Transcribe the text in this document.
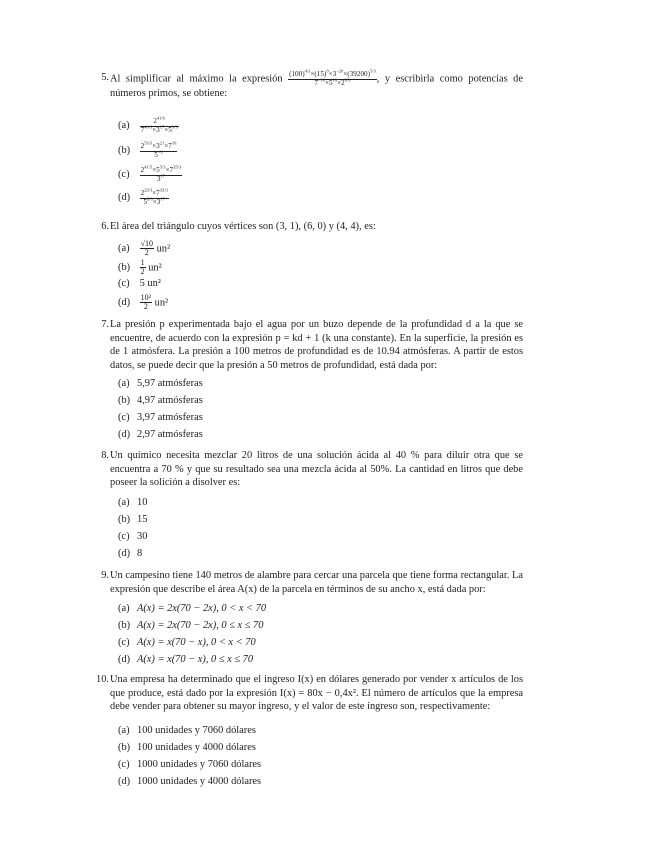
5. Al simplificar al máximo la expresión $\frac{(100)^{4/3}\times(15)^9\times 3^{-20}\times(39200)^{5/3}}{7^{-10}\times 5^{10}\times 2^{8/3}}$ , y escribirla como potencias de números primos, se obtiene:
$(a) \frac{2^{41/6}}{7^{40/3}\times 3^{17}\times 5^{3/3}}$
$(b) \frac{2^{53/3}\times 3^{21}\times 7^{10}}{5^{-3}}$
$(c) \frac{2^{41/5}\times 5^{5/3}\times 7^{35/3}}{3^{17}}$
$(d) \frac{2^{23/3}\times 7^{33/3}}{5^{3/3}\times 3^{17}}$
6. El área del triángulo cuyos vértices son (3, 1), (6, 0) y (4, 4), es:
$(a) \frac{√10}{2} un^2$
$(b) \frac{1}{2} un^2$
(c) 5 un²
$(d) \frac{\text{10²}}{2} un^2$
7. La presión p experimentada bajo el agua por un buzo depende de la profundidad d a la que se encuentre, de acuerdo con la expresión p = kd + 1 (k una constante). En la superficie, la presión es de 1 atmósfera. La presión a 100 metros de profundidad es de 10.94 atmósferas. A partir de estos datos, se puede decir que la presión a 50 metros de profundidad, está dada por:
(a) 5,97 atmósferas
(b) 4,97 atmósferas
(c) 3,97 atmósferas
(d) 2,97 atmósferas
8. Un químico necesita mezclar 20 litros de una solución ácida al 40 % para diluir otra que se encuentra a 70 % y que su resultado sea una mezcla ácida al 50%. La cantidad en litros que debe poseer la solición a disolver es:
(a) 10
(b) 15
(c) 30
(d) 8
9. Un campesino tiene 140 metros de alambre para cercar una parcela que tiene forma rectangular. La expresión que describe el área A(x) de la parcela en términos de su ancho x, está dada por:
(a) A(x) = 2x(70 − 2x), 0 < x < 70
(b) A(x) = 2x(70 − 2x), 0 ≤ x ≤ 70
(c) A(x) = x(70 − x), 0 < x < 70
(d) A(x) = x(70 − x), 0 ≤ x ≤ 70
10. Una empresa ha determinado que el ingreso I(x) en dólares generado por vender x artículos de los que produce, está dado por la expresión I(x) = 80x − 0,4x². El número de artículos que la empresa debe vender para obtener su mayor ingreso, y el valor de este ingreso son, respectivamente:
(a) 100 unidades y 7060 dólares
(b) 100 unidades y 4000 dólares
(c) 1000 unidades y 7060 dólares
(d) 1000 unidades y 4000 dólares
